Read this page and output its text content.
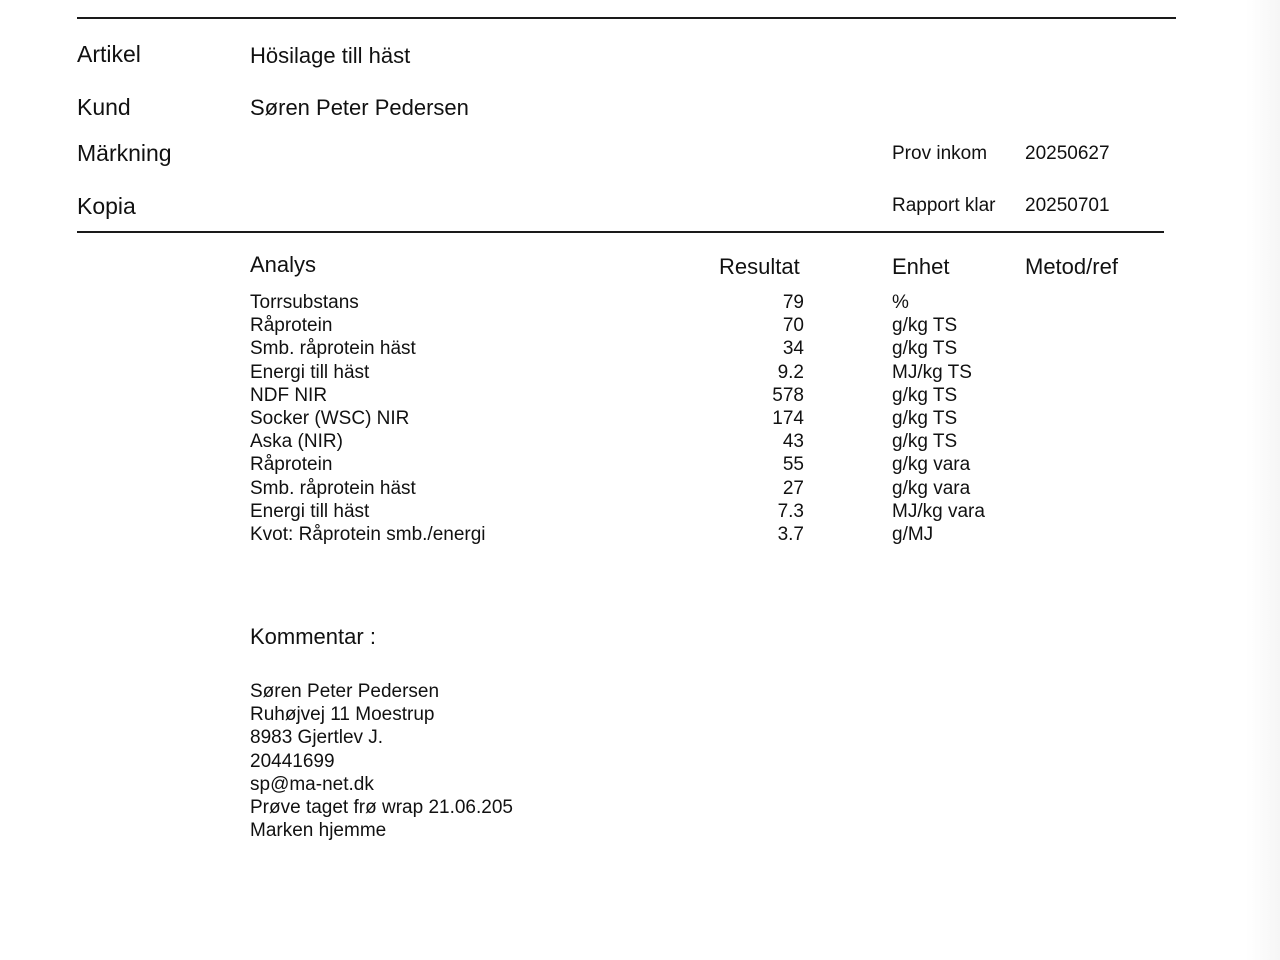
Artikel	Hösilage till häst
Kund	Søren Peter Pedersen
Märkning	Prov inkom 20250627
Kopia	Rapport klar 20250701
Analys	Resultat	Enhet	Metod/ref
Torrsubstans	79	%
Råprotein	70	g/kg TS
Smb. råprotein häst	34	g/kg TS
Energi till häst	9.2	MJ/kg TS
NDF NIR	578	g/kg TS
Socker (WSC) NIR	174	g/kg TS
Aska (NIR)	43	g/kg TS
Råprotein	55	g/kg vara
Smb. råprotein häst	27	g/kg vara
Energi till häst	7.3	MJ/kg vara
Kvot: Råprotein smb./energi	3.7	g/MJ
Kommentar :
Søren Peter Pedersen
Ruhøjvej 11 Moestrup
8983 Gjertlev J.
20441699
sp@ma-net.dk
Prøve taget frø wrap 21.06.205
Marken hjemme
